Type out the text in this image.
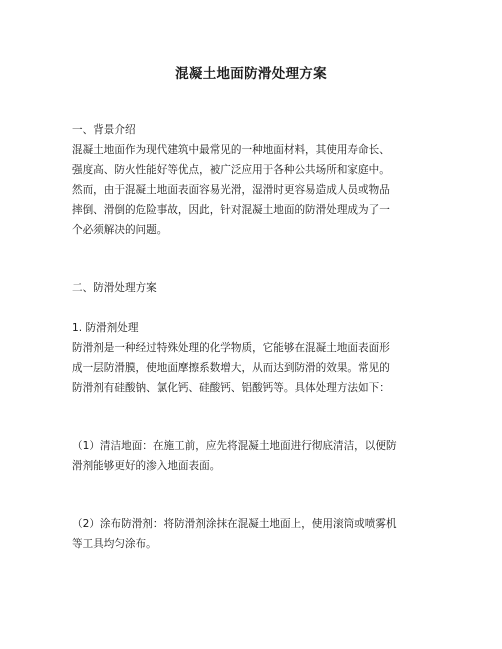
混凝土地面防滑处理方案
一、背景介绍
混凝土地面作为现代建筑中最常见的一种地面材料，其使用寿命长、
强度高、防火性能好等优点，被广泛应用于各种公共场所和家庭中。
然而，由于混凝土地面表面容易光滑，湿滑时更容易造成人员或物品
摔倒、滑倒的危险事故，因此，针对混凝土地面的防滑处理成为了一
个必须解决的问题。
二、防滑处理方案
1. 防滑剂处理
防滑剂是一种经过特殊处理的化学物质，它能够在混凝土地面表面形
成一层防滑膜，使地面摩擦系数增大，从而达到防滑的效果。常见的
防滑剂有硅酸钠、氯化钙、硅酸钙、铝酸钙等。具体处理方法如下：
（1）清洁地面：在施工前，应先将混凝土地面进行彻底清洁，以便防
滑剂能够更好的渗入地面表面。
（2）涂布防滑剂：将防滑剂涂抹在混凝土地面上，使用滚筒或喷雾机
等工具均匀涂布。
